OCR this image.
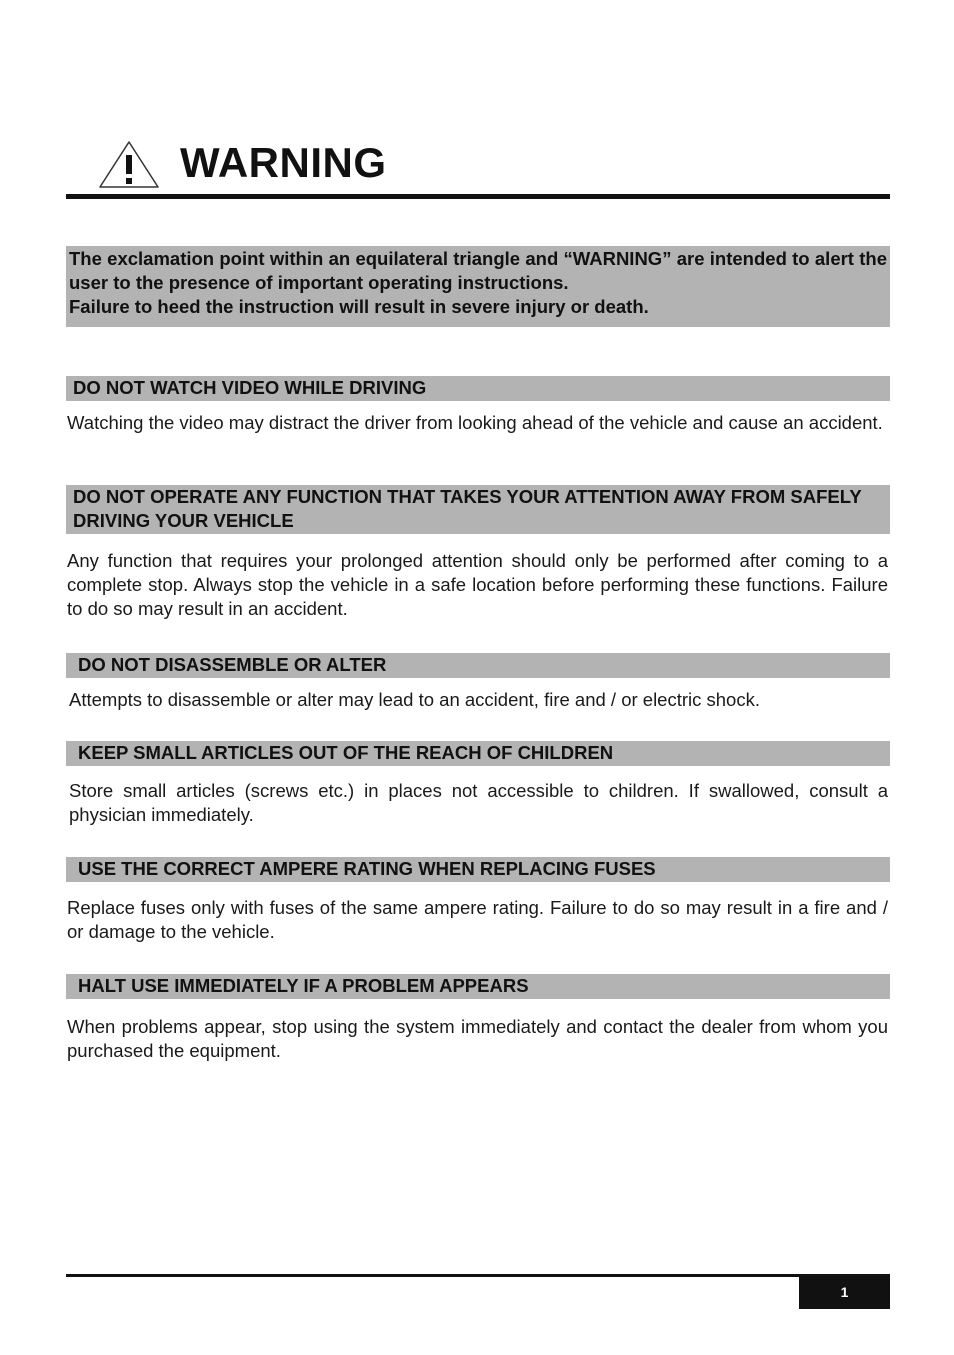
WARNING

The exclamation point within an equilateral triangle and “WARNING” are intended to alert the user to the presence of important operating instructions.

Failure to heed the instruction will result in severe injury or death.

DO NOT WATCH VIDEO WHILE DRIVING

Watching the video may distract the driver from looking ahead of the vehicle and cause an accident.

DO NOT OPERATE ANY FUNCTION THAT TAKES YOUR ATTENTION AWAY FROM SAFELY DRIVING YOUR VEHICLE

Any function that requires your prolonged attention should only be performed after coming to a complete stop. Always stop the vehicle in a safe location before performing these functions. Failure to do so may result in an accident.

DO NOT DISASSEMBLE OR ALTER

Attempts to disassemble or alter may lead to an accident, fire and / or electric shock.

KEEP SMALL ARTICLES OUT OF THE REACH OF CHILDREN

Store small articles (screws etc.) in places not accessible to children. If swallowed, consult a physician immediately.

USE THE CORRECT AMPERE RATING WHEN REPLACING FUSES

Replace fuses only with fuses of the same ampere rating. Failure to do so may result in a fire and / or damage to the vehicle.

HALT USE IMMEDIATELY IF A PROBLEM APPEARS

When problems appear, stop using the system immediately and contact the dealer from whom you purchased the equipment.

1
